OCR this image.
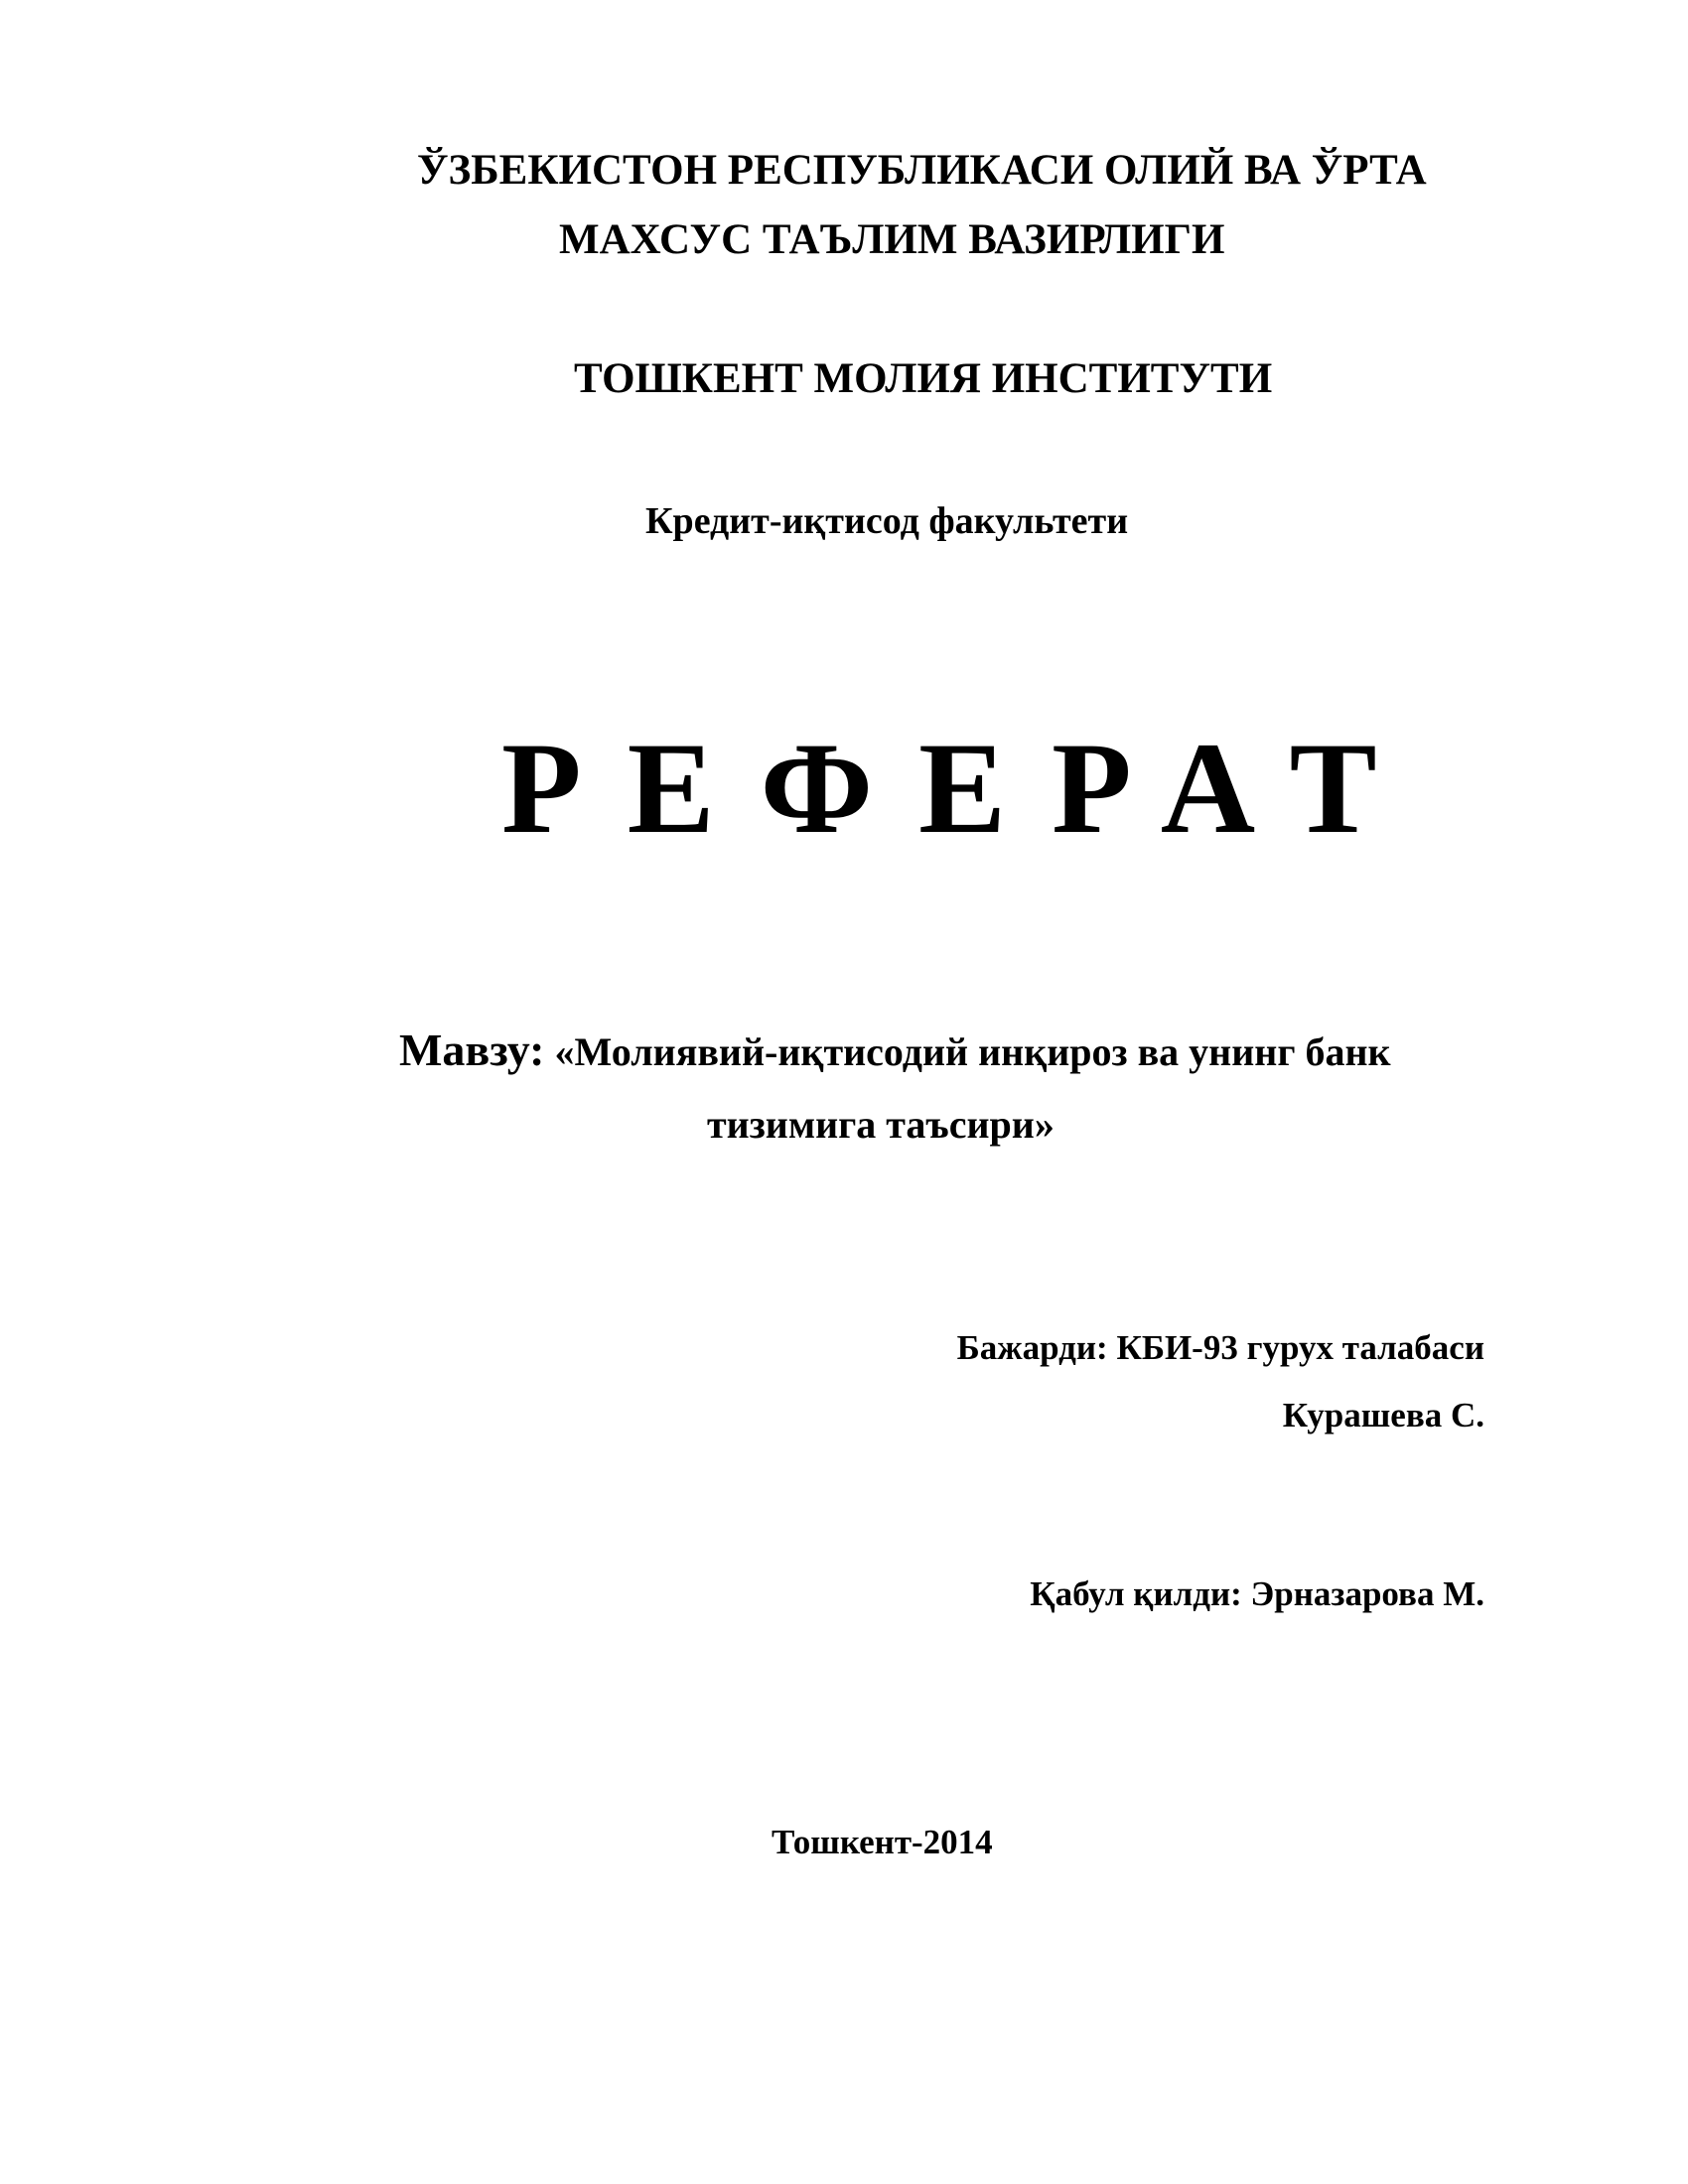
ЎЗБЕКИСТОН РЕСПУБЛИКАСИ ОЛИЙ ВА ЎРТА
МАХСУС ТАЪЛИМ ВАЗИРЛИГИ
ТОШКЕНТ МОЛИЯ ИНСТИТУТИ
Кредит-иқтисод факультети
РЕФЕРАТ
Мавзу: «Молиявий-иқтисодий инқироз ва унинг банк
тизимига таъсири»
Бажарди: КБИ-93 гурух талабаси
Курашева С.
Қабул қилди: Эрназарова М.
Тошкент-2014
